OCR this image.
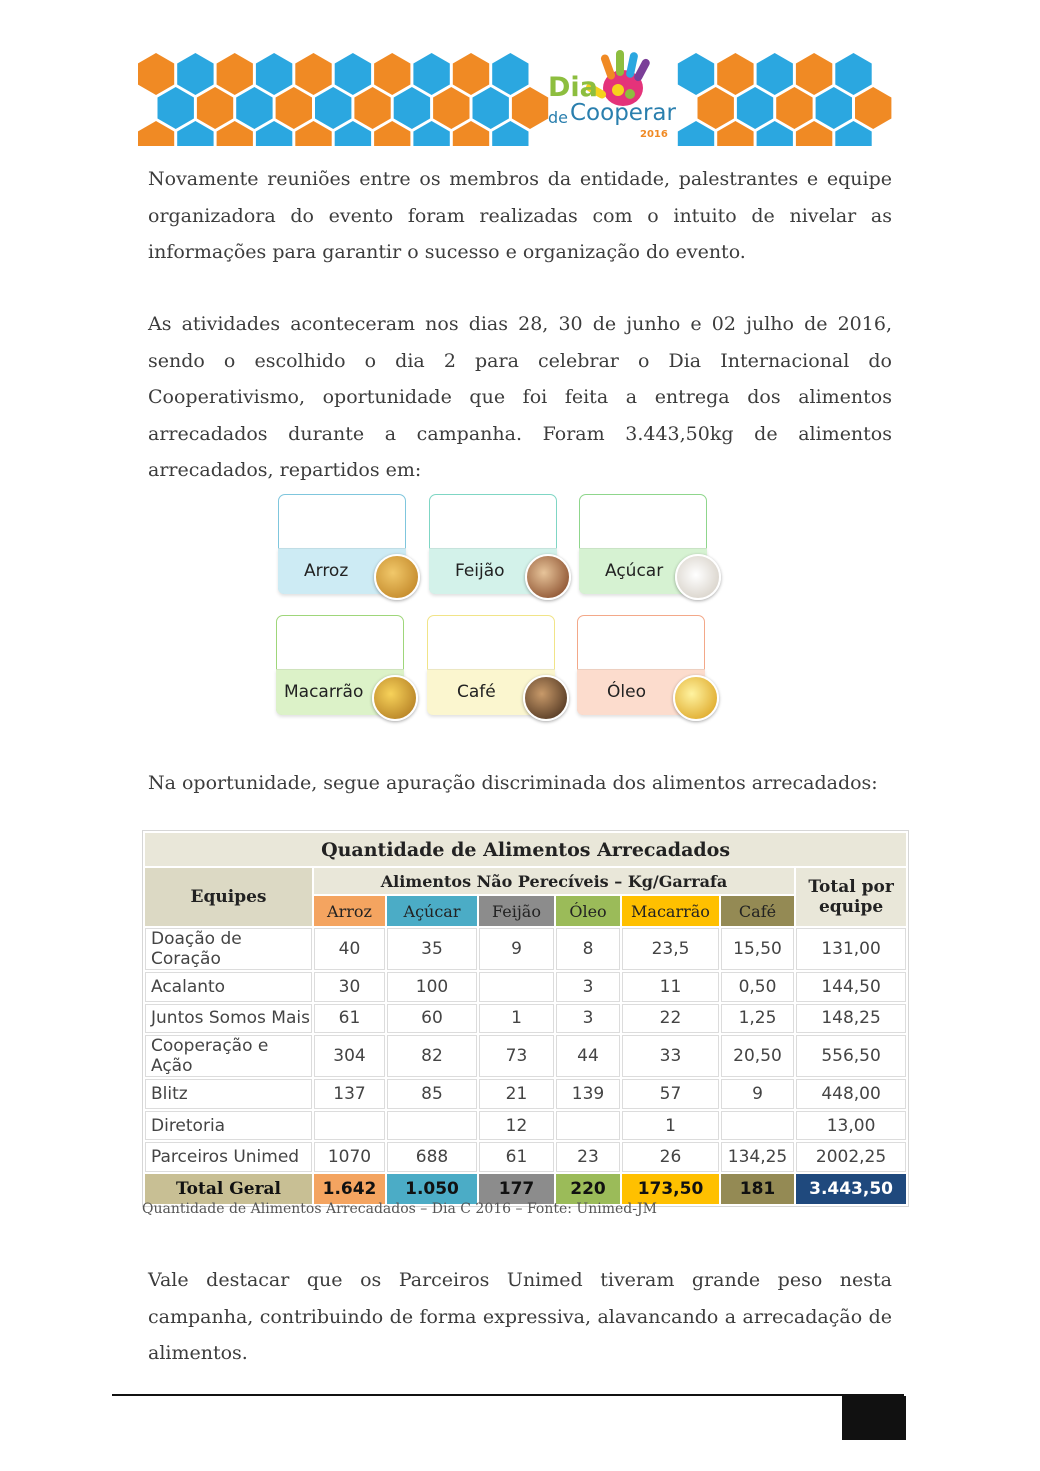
Dia
de Cooperar
2016

Novamente reuniões entre os membros da entidade, palestrantes e equipe organizadora do evento foram realizadas com o intuito de nivelar as informações para garantir o sucesso e organização do evento.

As atividades aconteceram nos dias 28, 30 de junho e 02 julho de 2016, sendo o escolhido o dia 2 para celebrar o Dia Internacional do Cooperativismo, oportunidade que foi feita a entrega dos alimentos arrecadados durante a campanha. Foram 3.443,50kg de alimentos arrecadados, repartidos em:

Arroz	Feijão	Açúcar
Macarrão	Café	Óleo

Na oportunidade, segue apuração discriminada dos alimentos arrecadados:

Quantidade de Alimentos Arrecadados							
Equipes	Alimentos Não Perecíveis – Kg/Garrafa						Total por equipe
	Arroz	Açúcar	Feijão	Óleo	Macarrão	Café	
Doação de Coração	40	35	9	8	23,5	15,50	131,00
Acalanto	30	100		3	11	0,50	144,50
Juntos Somos Mais	61	60	1	3	22	1,25	148,25
Cooperação e Ação	304	82	73	44	33	20,50	556,50
Blitz	137	85	21	139	57	9	448,00
Diretoria			12		1		13,00
Parceiros Unimed	1070	688	61	23	26	134,25	2002,25
Total Geral	1.642	1.050	177	220	173,50	181	3.443,50

Quantidade de Alimentos Arrecadados – Dia C 2016 – Fonte: Unimed-JM

Vale destacar que os Parceiros Unimed tiveram grande peso nesta campanha, contribuindo de forma expressiva, alavancando a arrecadação de alimentos.
